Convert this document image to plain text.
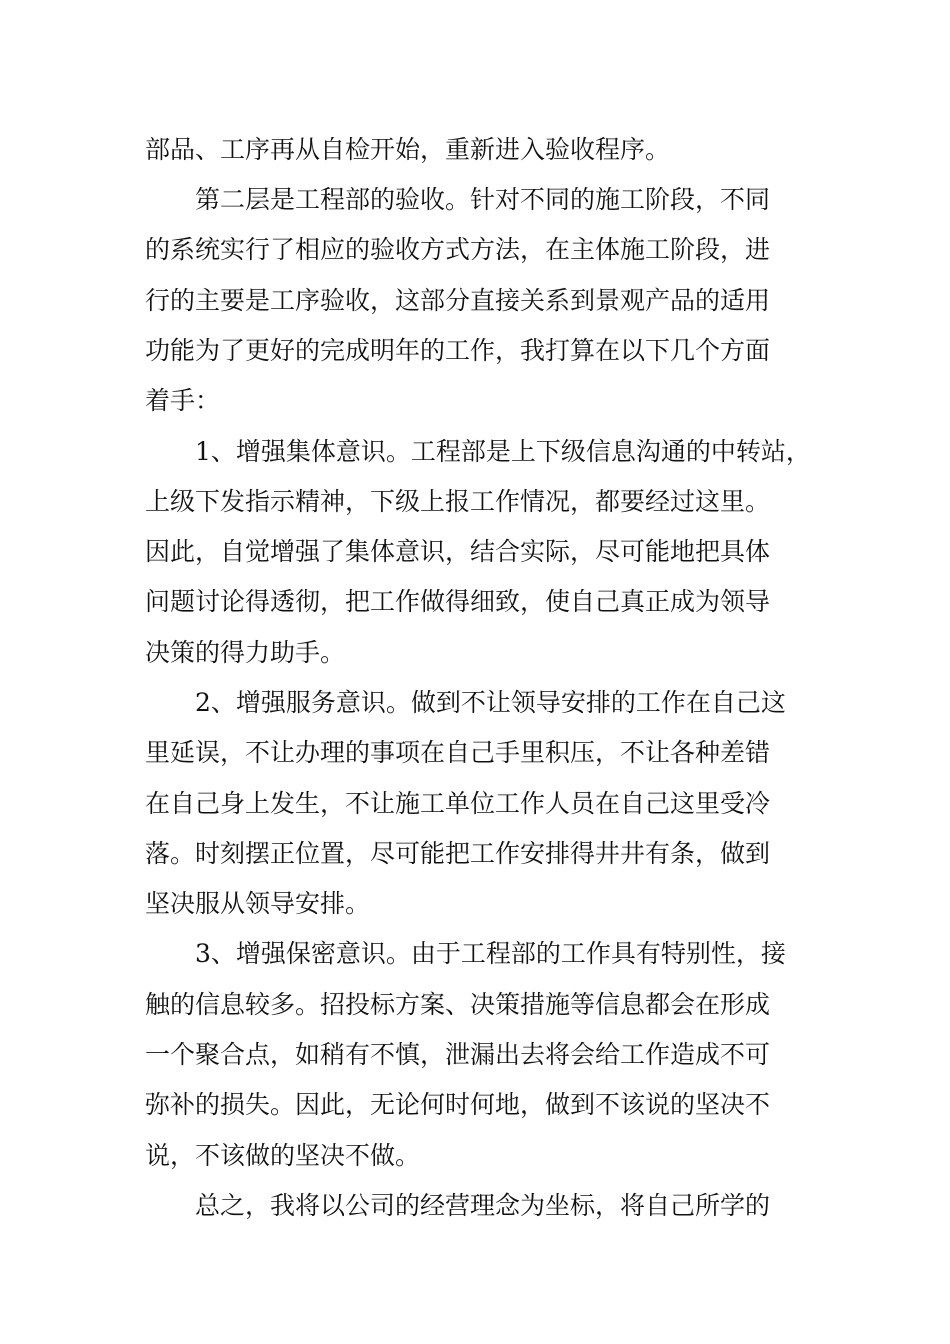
部品、工序再从自检开始，重新进入验收程序。
第二层是工程部的验收。针对不同的施工阶段，不同
的系统实行了相应的验收方式方法，在主体施工阶段，进
行的主要是工序验收，这部分直接关系到景观产品的适用
功能为了更好的完成明年的工作，我打算在以下几个方面
着手：
1、增强集体意识。工程部是上下级信息沟通的中转站，
上级下发指示精神，下级上报工作情况，都要经过这里。
因此，自觉增强了集体意识，结合实际，尽可能地把具体
问题讨论得透彻，把工作做得细致，使自己真正成为领导
决策的得力助手。
2、增强服务意识。做到不让领导安排的工作在自己这
里延误，不让办理的事项在自己手里积压，不让各种差错
在自己身上发生，不让施工单位工作人员在自己这里受冷
落。时刻摆正位置，尽可能把工作安排得井井有条，做到
坚决服从领导安排。
3、增强保密意识。由于工程部的工作具有特别性，接
触的信息较多。招投标方案、决策措施等信息都会在形成
一个聚合点，如稍有不慎，泄漏出去将会给工作造成不可
弥补的损失。因此，无论何时何地，做到不该说的坚决不
说，不该做的坚决不做。
总之，我将以公司的经营理念为坐标，将自己所学的
